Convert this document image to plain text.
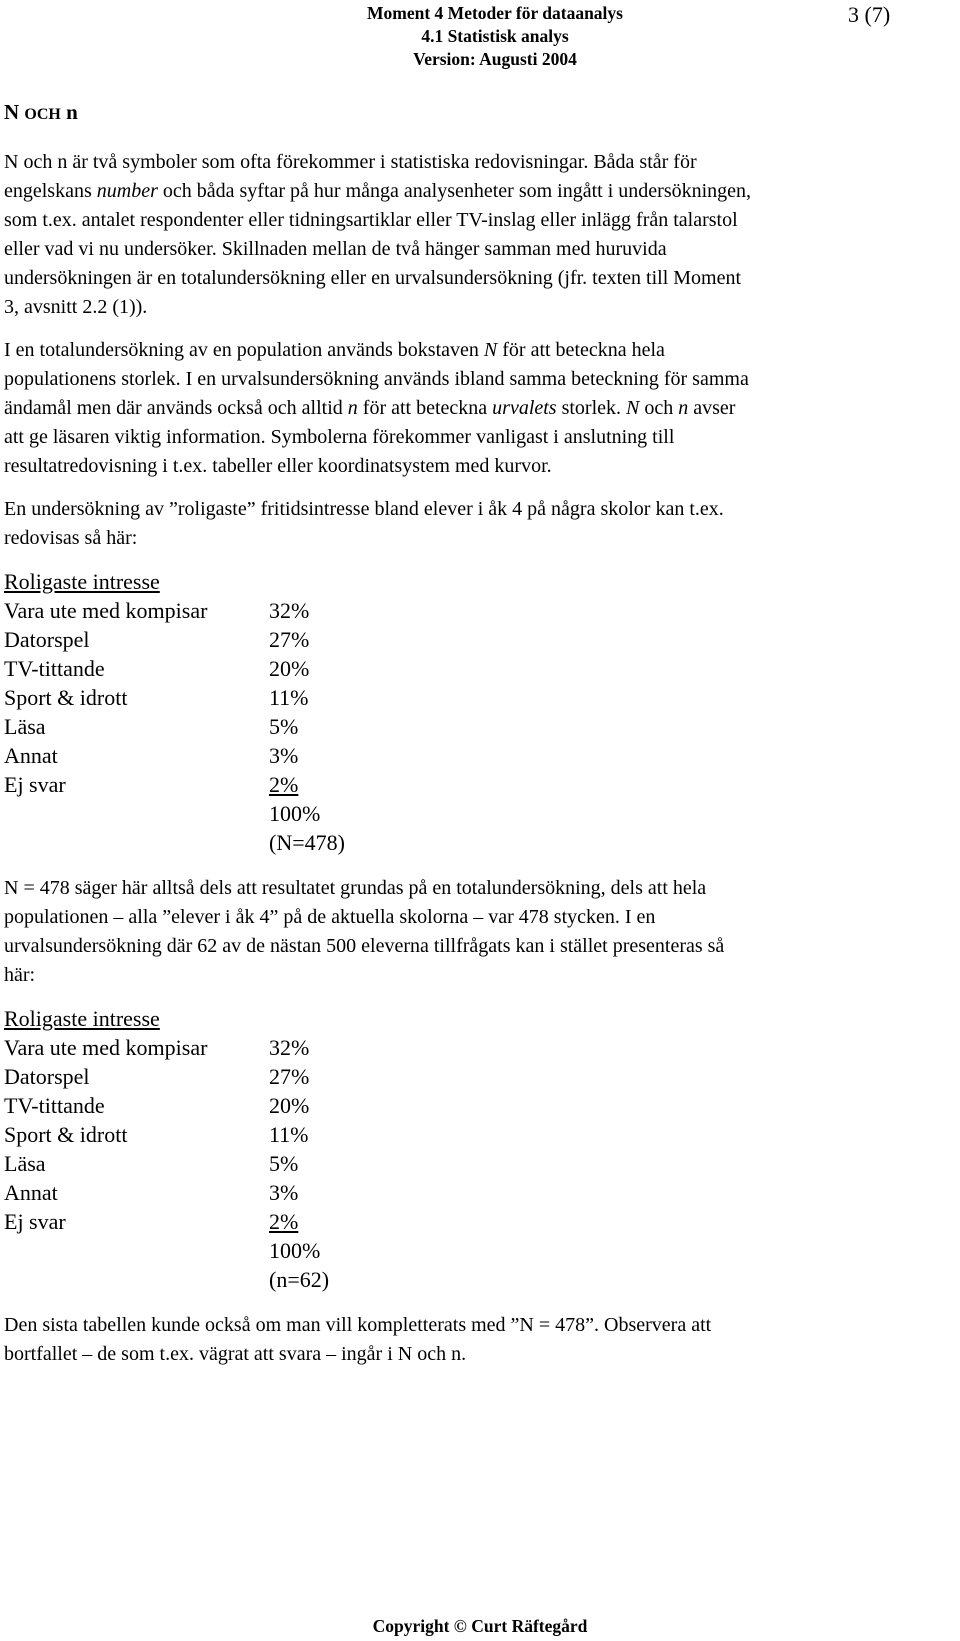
Moment 4 Metoder för dataanalys
4.1 Statistisk analys
Version: Augusti 2004
3 (7)
N OCH n

N och n är två symboler som ofta förekommer i statistiska redovisningar. Båda står för
engelskans number och båda syftar på hur många analysenheter som ingått i undersökningen,
som t.ex. antalet respondenter eller tidningsartiklar eller TV-inslag eller inlägg från talarstol
eller vad vi nu undersöker. Skillnaden mellan de två hänger samman med huruvida
undersökningen är en totalundersökning eller en urvalsundersökning (jfr. texten till Moment
3, avsnitt 2.2 (1)).

I en totalundersökning av en population används bokstaven N för att beteckna hela
populationens storlek. I en urvalsundersökning används ibland samma beteckning för samma
ändamål men där används också och alltid n för att beteckna urvalets storlek. N och n avser
att ge läsaren viktig information. Symbolerna förekommer vanligast i anslutning till
resultatredovisning i t.ex. tabeller eller koordinatsystem med kurvor.

En undersökning av ”roligaste” fritidsintresse bland elever i åk 4 på några skolor kan t.ex.
redovisas så här:

Roligaste intresse	
Vara ute med kompisar	32%
Datorspel	27%
TV-tittande	20%
Sport & idrott	11%
Läsa	5%
Annat	3%
Ej svar	2%
	100%
	(N=478)

N = 478 säger här alltså dels att resultatet grundas på en totalundersökning, dels att hela
populationen – alla ”elever i åk 4” på de aktuella skolorna – var 478 stycken. I en
urvalsundersökning där 62 av de nästan 500 eleverna tillfrågats kan i stället presenteras så
här:

Roligaste intresse	
Vara ute med kompisar	32%
Datorspel	27%
TV-tittande	20%
Sport & idrott	11%
Läsa	5%
Annat	3%
Ej svar	2%
	100%
	(n=62)

Den sista tabellen kunde också om man vill kompletterats med ”N = 478”. Observera att
bortfallet – de som t.ex. vägrat att svara – ingår i N och n.

Copyright © Curt Räftegård
